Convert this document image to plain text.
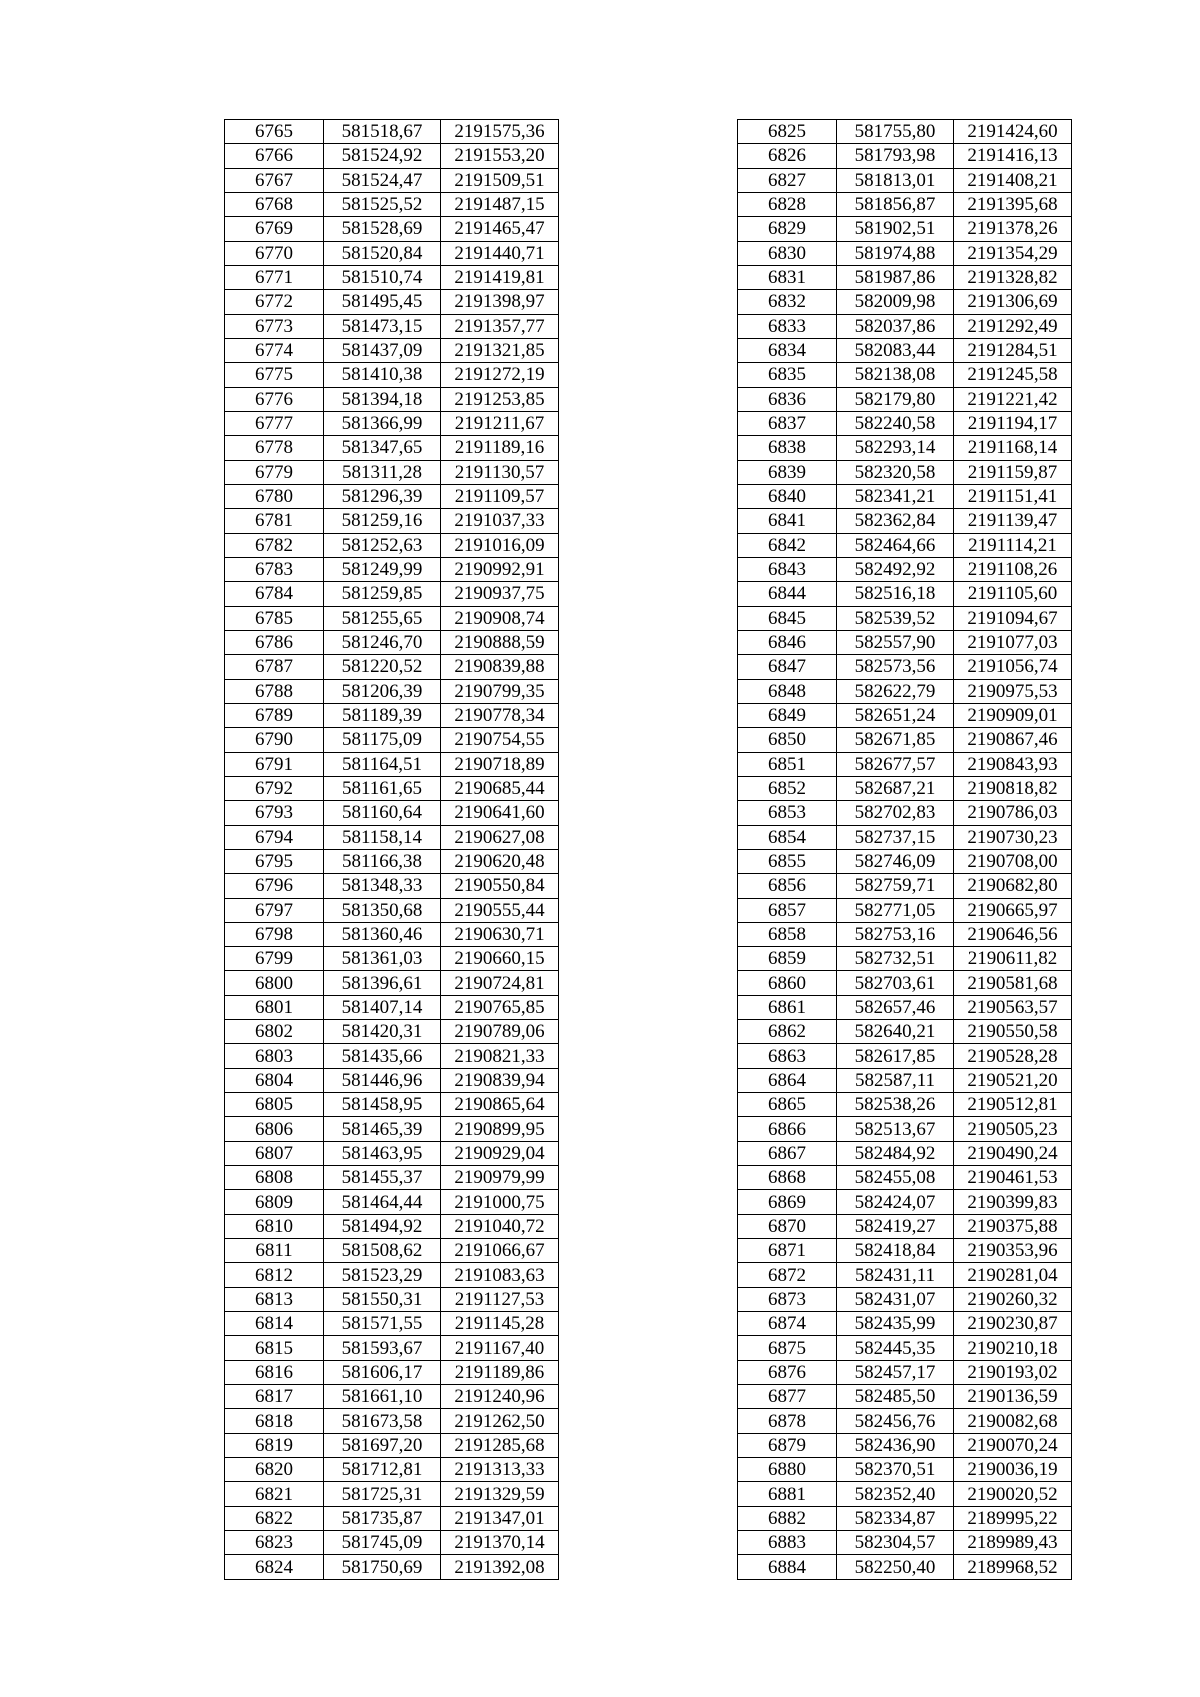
6765	581518,67	2191575,36
6766	581524,92	2191553,20
6767	581524,47	2191509,51
6768	581525,52	2191487,15
6769	581528,69	2191465,47
6770	581520,84	2191440,71
6771	581510,74	2191419,81
6772	581495,45	2191398,97
6773	581473,15	2191357,77
6774	581437,09	2191321,85
6775	581410,38	2191272,19
6776	581394,18	2191253,85
6777	581366,99	2191211,67
6778	581347,65	2191189,16
6779	581311,28	2191130,57
6780	581296,39	2191109,57
6781	581259,16	2191037,33
6782	581252,63	2191016,09
6783	581249,99	2190992,91
6784	581259,85	2190937,75
6785	581255,65	2190908,74
6786	581246,70	2190888,59
6787	581220,52	2190839,88
6788	581206,39	2190799,35
6789	581189,39	2190778,34
6790	581175,09	2190754,55
6791	581164,51	2190718,89
6792	581161,65	2190685,44
6793	581160,64	2190641,60
6794	581158,14	2190627,08
6795	581166,38	2190620,48
6796	581348,33	2190550,84
6797	581350,68	2190555,44
6798	581360,46	2190630,71
6799	581361,03	2190660,15
6800	581396,61	2190724,81
6801	581407,14	2190765,85
6802	581420,31	2190789,06
6803	581435,66	2190821,33
6804	581446,96	2190839,94
6805	581458,95	2190865,64
6806	581465,39	2190899,95
6807	581463,95	2190929,04
6808	581455,37	2190979,99
6809	581464,44	2191000,75
6810	581494,92	2191040,72
6811	581508,62	2191066,67
6812	581523,29	2191083,63
6813	581550,31	2191127,53
6814	581571,55	2191145,28
6815	581593,67	2191167,40
6816	581606,17	2191189,86
6817	581661,10	2191240,96
6818	581673,58	2191262,50
6819	581697,20	2191285,68
6820	581712,81	2191313,33
6821	581725,31	2191329,59
6822	581735,87	2191347,01
6823	581745,09	2191370,14
6824	581750,69	2191392,08
6825	581755,80	2191424,60
6826	581793,98	2191416,13
6827	581813,01	2191408,21
6828	581856,87	2191395,68
6829	581902,51	2191378,26
6830	581974,88	2191354,29
6831	581987,86	2191328,82
6832	582009,98	2191306,69
6833	582037,86	2191292,49
6834	582083,44	2191284,51
6835	582138,08	2191245,58
6836	582179,80	2191221,42
6837	582240,58	2191194,17
6838	582293,14	2191168,14
6839	582320,58	2191159,87
6840	582341,21	2191151,41
6841	582362,84	2191139,47
6842	582464,66	2191114,21
6843	582492,92	2191108,26
6844	582516,18	2191105,60
6845	582539,52	2191094,67
6846	582557,90	2191077,03
6847	582573,56	2191056,74
6848	582622,79	2190975,53
6849	582651,24	2190909,01
6850	582671,85	2190867,46
6851	582677,57	2190843,93
6852	582687,21	2190818,82
6853	582702,83	2190786,03
6854	582737,15	2190730,23
6855	582746,09	2190708,00
6856	582759,71	2190682,80
6857	582771,05	2190665,97
6858	582753,16	2190646,56
6859	582732,51	2190611,82
6860	582703,61	2190581,68
6861	582657,46	2190563,57
6862	582640,21	2190550,58
6863	582617,85	2190528,28
6864	582587,11	2190521,20
6865	582538,26	2190512,81
6866	582513,67	2190505,23
6867	582484,92	2190490,24
6868	582455,08	2190461,53
6869	582424,07	2190399,83
6870	582419,27	2190375,88
6871	582418,84	2190353,96
6872	582431,11	2190281,04
6873	582431,07	2190260,32
6874	582435,99	2190230,87
6875	582445,35	2190210,18
6876	582457,17	2190193,02
6877	582485,50	2190136,59
6878	582456,76	2190082,68
6879	582436,90	2190070,24
6880	582370,51	2190036,19
6881	582352,40	2190020,52
6882	582334,87	2189995,22
6883	582304,57	2189989,43
6884	582250,40	2189968,52
